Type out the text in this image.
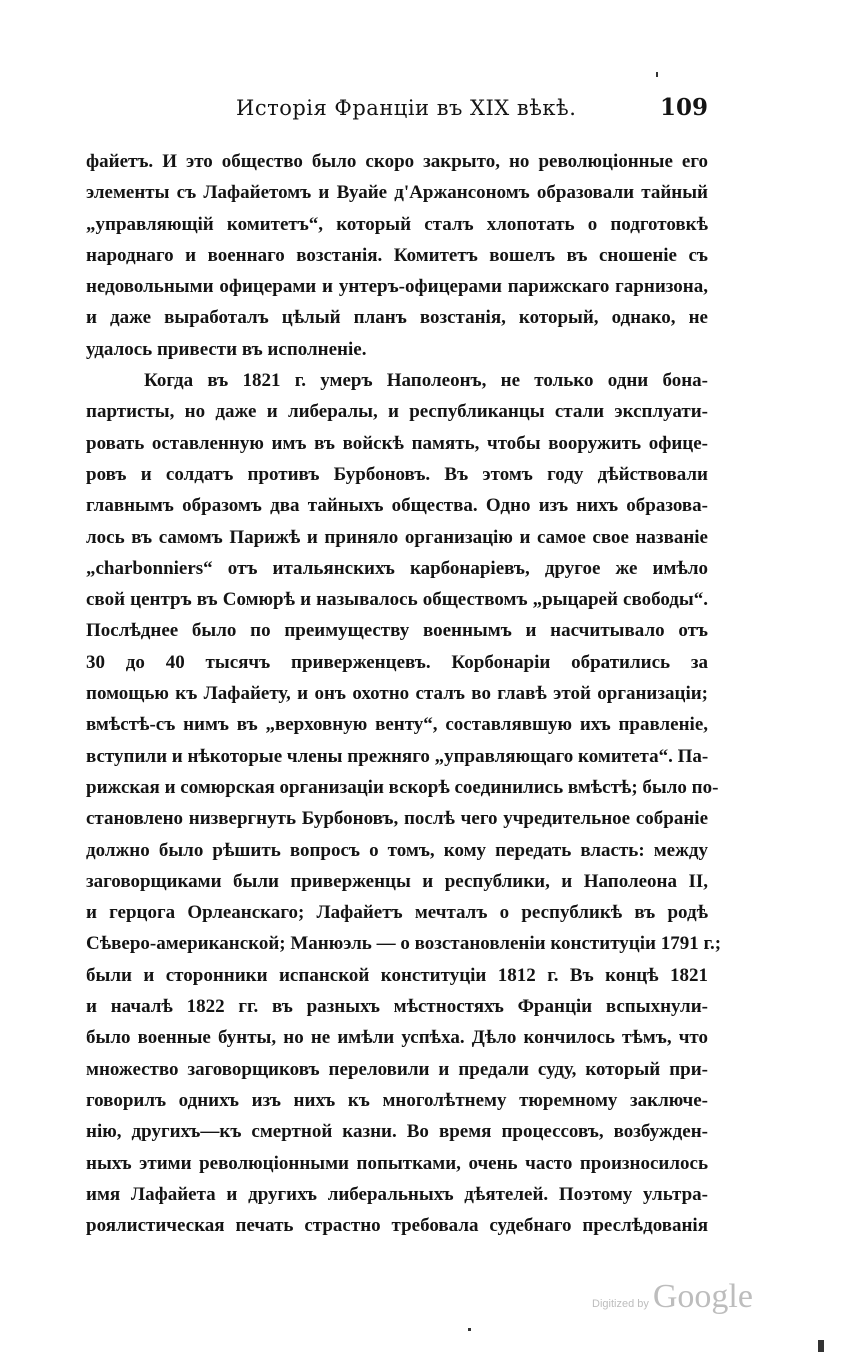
Исторія Франціи въ XIX вѣкѣ.	109
файетъ. И это общество было скоро закрыто, но революціонные его
элементы съ Лафайетомъ и Вуайе д'Аржансономъ образовали тайный
„управляющій комитетъ“, который сталъ хлопотать о подготовкѣ
народнаго и военнаго возстанія. Комитетъ вошелъ въ сношеніе съ
недовольными офицерами и унтеръ-офицерами парижскаго гарнизона,
и даже выработалъ цѣлый планъ возстанія, который, однако, не
удалось привести въ исполненіе.
Когда въ 1821 г. умеръ Наполеонъ, не только одни бона-
партисты, но даже и либералы, и республиканцы стали эксплуати-
ровать оставленную имъ въ войскѣ память, чтобы вооружить офице-
ровъ и солдатъ противъ Бурбоновъ. Въ этомъ году дѣйствовали
главнымъ образомъ два тайныхъ общества. Одно изъ нихъ образова-
лось въ самомъ Парижѣ и приняло организацію и самое свое названіе
„charbonniers“ отъ итальянскихъ карбонаріевъ, другое же имѣло
свой центръ въ Сомюрѣ и называлось обществомъ „рыцарей свободы“.
Послѣднее было по преимуществу военнымъ и насчитывало отъ
30 до 40 тысячъ приверженцевъ. Корбонаріи обратились за
помощью къ Лафайету, и онъ охотно сталъ во главѣ этой организаціи;
вмѣстѣ-съ нимъ въ „верховную венту“, составлявшую ихъ правленіе,
вступили и нѣкоторые члены прежняго „управляющаго комитета“. Па-
рижская и сомюрская организаціи вскорѣ соединились вмѣстѣ; было по-
становлено низвергнуть Бурбоновъ, послѣ чего учредительное собраніе
должно было рѣшить вопросъ о томъ, кому передать власть: между
заговорщиками были приверженцы и республики, и Наполеона II,
и герцога Орлеанскаго; Лафайетъ мечталъ о республикѣ въ родѣ
Сѣверо-американской; Манюэль — о возстановленіи конституціи 1791 г.;
были и сторонники испанской конституціи 1812 г. Въ концѣ 1821
и началѣ 1822 гг. въ разныхъ мѣстностяхъ Франціи вспыхнули-
было военные бунты, но не имѣли успѣха. Дѣло кончилось тѣмъ, что
множество заговорщиковъ переловили и предали суду, который при-
говорилъ однихъ изъ нихъ къ многолѣтнему тюремному заключе-
нію, другихъ—къ смертной казни. Во время процессовъ, возбужден-
ныхъ этими революціонными попытками, очень часто произносилось
имя Лафайета и другихъ либеральныхъ дѣятелей. Поэтому ультра-
роялистическая печать страстно требовала судебнаго преслѣдованія
Digitized by Google
